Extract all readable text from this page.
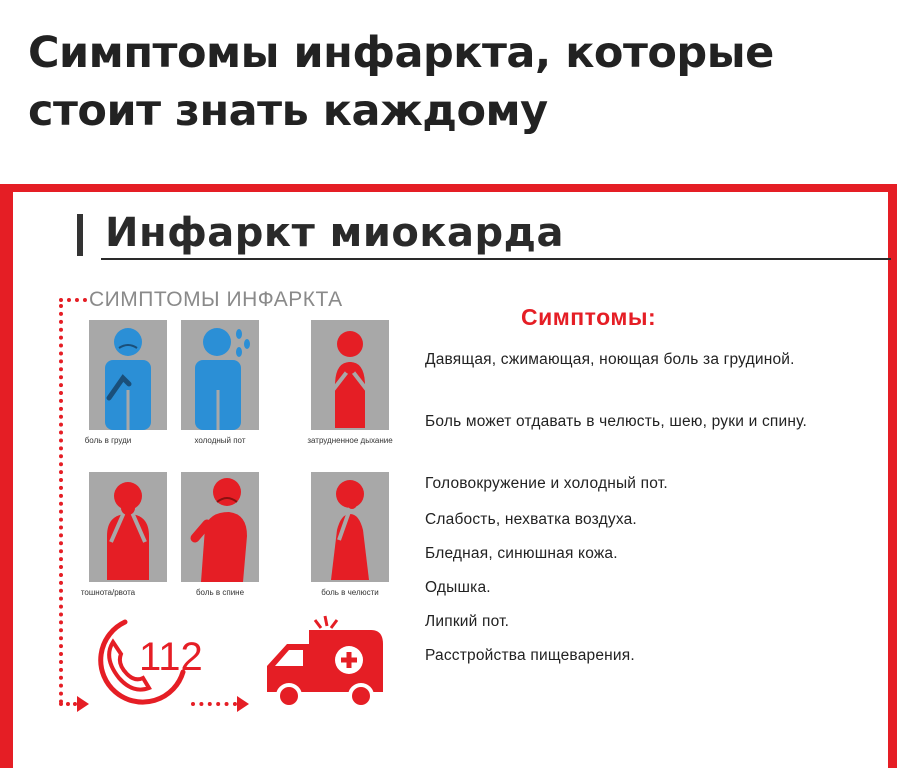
Симптомы инфаркта, которые
стоит знать каждому
Инфаркт миокарда
СИМПТОМЫ ИНФАРКТА
боль в груди	холодный пот	затрудненное дыхание
тошнота/рвота	боль в спине	боль в челюсти
112
Симптомы:
Давящая, сжимающая, ноющая боль за грудиной.
Боль может отдавать в челюсть, шею, руки и спину.
Головокружение и холодный пот.
Слабость, нехватка воздуха.
Бледная, синюшная кожа.
Одышка.
Липкий пот.
Расстройства пищеварения.
